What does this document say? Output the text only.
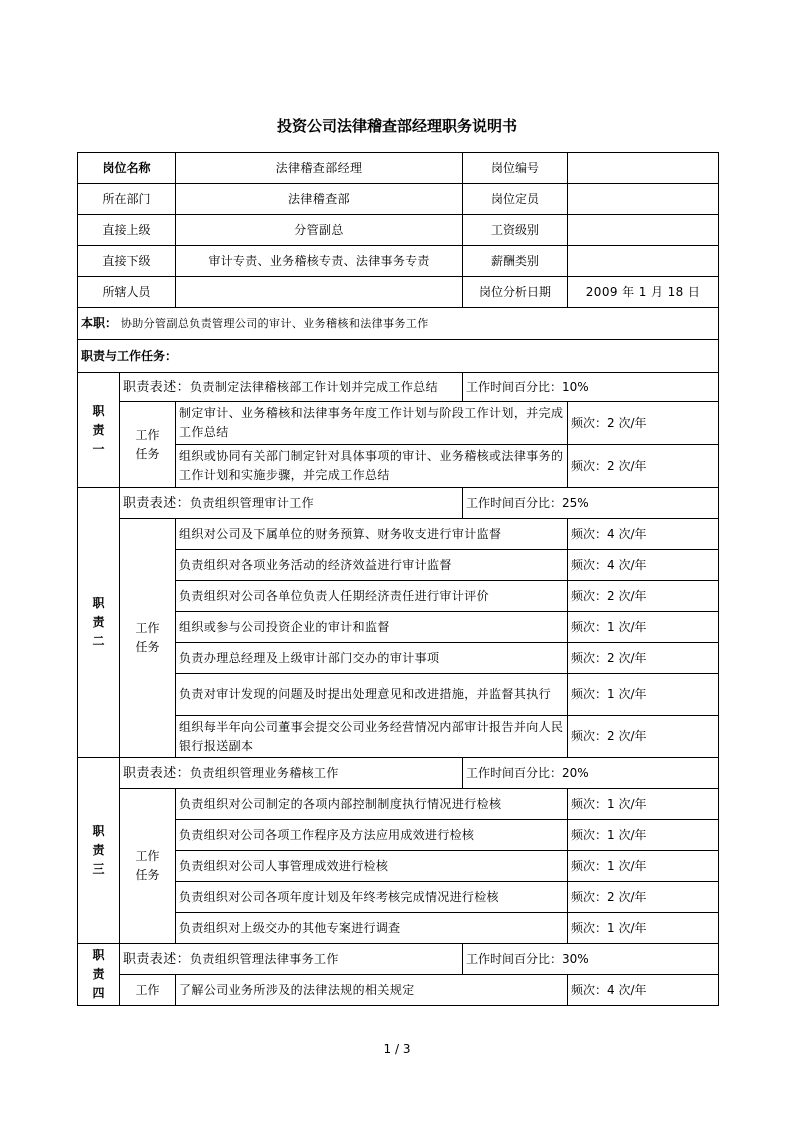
投资公司法律稽查部经理职务说明书
岗位名称		法律稽查部经理	岗位编号	
所在部门		法律稽查部	岗位定员	
直接上级		分管副总	工资级别	
直接下级		审计专责、业务稽核专责、法律事务专责	薪酬类别	
所辖人员			岗位分析日期	2009 年 1 月 18 日
本职： 协助分管副总负责管理公司的审计、业务稽核和法律事务工作				
职责与工作任务：				

职责一	职责表述：负责制定法律稽核部工作计划并完成工作总结		工作时间百分比：10%	

	工作任务	制定审计、业务稽核和法律事务年度工作计划与阶段工作计划，并完成工作总结		频次：2 次/年
		组织或协同有关部门制定针对具体事项的审计、业务稽核或法律事务的工作计划和实施步骤，并完成工作总结		频次：2 次/年

职责二	职责表述：负责组织管理审计工作		工作时间百分比：25%	

	工作任务	组织对公司及下属单位的财务预算、财务收支进行审计监督		频次：4 次/年
		负责组织对各项业务活动的经济效益进行审计监督		频次：4 次/年
		负责组织对公司各单位负责人任期经济责任进行审计评价		频次：2 次/年
		组织或参与公司投资企业的审计和监督		频次：1 次/年
		负责办理总经理及上级审计部门交办的审计事项		频次：2 次/年
		负责对审计发现的问题及时提出处理意见和改进措施，并监督其执行		频次：1 次/年
		组织每半年向公司董事会提交公司业务经营情况内部审计报告并向人民银行报送副本		频次：2 次/年

职责三	职责表述：负责组织管理业务稽核工作		工作时间百分比：20%	

	工作任务	负责组织对公司制定的各项内部控制制度执行情况进行检核		频次：1 次/年
		负责组织对公司各项工作程序及方法应用成效进行检核		频次：1 次/年
		负责组织对公司人事管理成效进行检核		频次：1 次/年
		负责组织对公司各项年度计划及年终考核完成情况进行检核		频次：2 次/年
		负责组织对上级交办的其他专案进行调查		频次：1 次/年

职责四	职责表述：负责组织管理法律事务工作		工作时间百分比：30%	
	工作	了解公司业务所涉及的法律法规的相关规定		频次：4 次/年
1 / 3
